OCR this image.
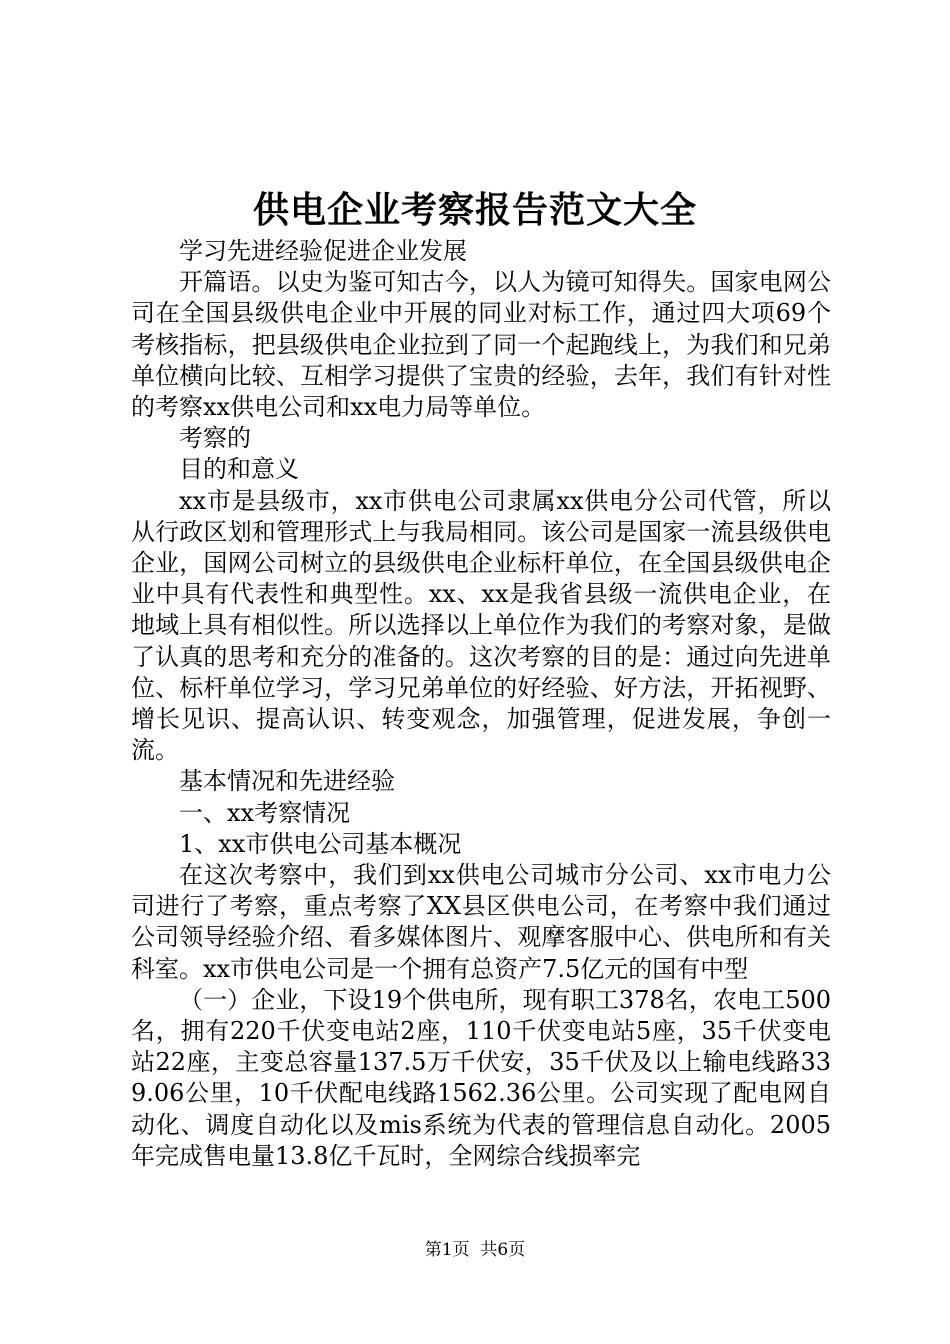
供电企业考察报告范文大全

学习先进经验促进企业发展

开篇语。以史为鉴可知古今，以人为镜可知得失。国家电网公司在全国县级供电企业中开展的同业对标工作，通过四大项69个考核指标，把县级供电企业拉到了同一个起跑线上，为我们和兄弟单位横向比较、互相学习提供了宝贵的经验，去年，我们有针对性的考察xx供电公司和xx电力局等单位。

考察的

目的和意义

xx市是县级市，xx市供电公司隶属xx供电分公司代管，所以从行政区划和管理形式上与我局相同。该公司是国家一流县级供电企业，国网公司树立的县级供电企业标杆单位，在全国县级供电企业中具有代表性和典型性。xx、xx是我省县级一流供电企业，在地域上具有相似性。所以选择以上单位作为我们的考察对象，是做了认真的思考和充分的准备的。这次考察的目的是：通过向先进单位、标杆单位学习，学习兄弟单位的好经验、好方法，开拓视野、增长见识、提高认识、转变观念，加强管理，促进发展，争创一流。

基本情况和先进经验

一、xx考察情况

1、xx市供电公司基本概况

在这次考察中，我们到xx供电公司城市分公司、xx市电力公司进行了考察，重点考察了XX县区供电公司，在考察中我们通过公司领导经验介绍、看多媒体图片、观摩客服中心、供电所和有关科室。xx市供电公司是一个拥有总资产7.5亿元的国有中型

（一）企业，下设19个供电所，现有职工378名，农电工500名，拥有220千伏变电站2座，110千伏变电站5座，35千伏变电站22座，主变总容量137.5万千伏安，35千伏及以上输电线路339.06公里，10千伏配电线路1562.36公里。公司实现了配电网自动化、调度自动化以及mis系统为代表的管理信息自动化。2005年完成售电量13.8亿千瓦时，全网综合线损率完

第1页 共6页
